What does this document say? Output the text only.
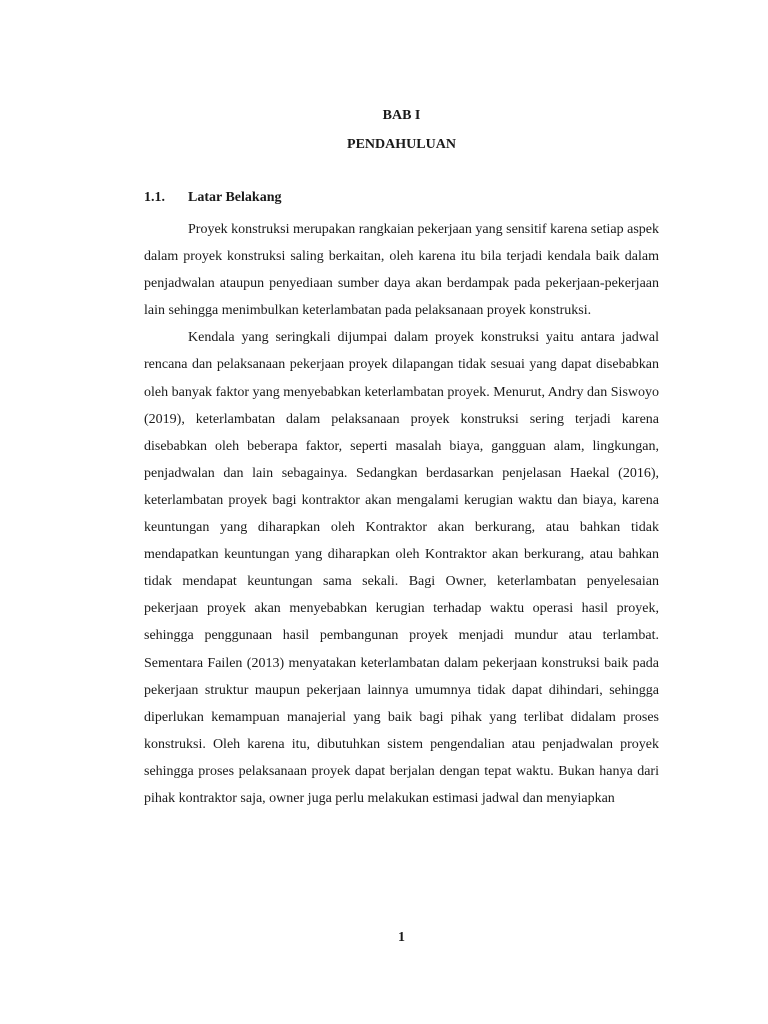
BAB I
PENDAHULUAN
1.1. Latar Belakang

Proyek konstruksi merupakan rangkaian pekerjaan yang sensitif karena setiap aspek dalam proyek konstruksi saling berkaitan, oleh karena itu bila terjadi kendala baik dalam penjadwalan ataupun penyediaan sumber daya akan berdampak pada pekerjaan-pekerjaan lain sehingga menimbulkan keterlambatan pada pelaksanaan proyek konstruksi.

Kendala yang seringkali dijumpai dalam proyek konstruksi yaitu antara jadwal rencana dan pelaksanaan pekerjaan proyek dilapangan tidak sesuai yang dapat disebabkan oleh banyak faktor yang menyebabkan keterlambatan proyek. Menurut, Andry dan Siswoyo (2019), keterlambatan dalam pelaksanaan proyek konstruksi sering terjadi karena disebabkan oleh beberapa faktor, seperti masalah biaya, gangguan alam, lingkungan, penjadwalan dan lain sebagainya. Sedangkan berdasarkan penjelasan Haekal (2016), keterlambatan proyek bagi kontraktor akan mengalami kerugian waktu dan biaya, karena keuntungan yang diharapkan oleh Kontraktor akan berkurang, atau bahkan tidak mendapatkan keuntungan yang diharapkan oleh Kontraktor akan berkurang, atau bahkan tidak mendapat keuntungan sama sekali. Bagi Owner, keterlambatan penyelesaian pekerjaan proyek akan menyebabkan kerugian terhadap waktu operasi hasil proyek, sehingga penggunaan hasil pembangunan proyek menjadi mundur atau terlambat. Sementara Failen (2013) menyatakan keterlambatan dalam pekerjaan konstruksi baik pada pekerjaan struktur maupun pekerjaan lainnya umumnya tidak dapat dihindari, sehingga diperlukan kemampuan manajerial yang baik bagi pihak yang terlibat didalam proses konstruksi. Oleh karena itu, dibutuhkan sistem pengendalian atau penjadwalan proyek sehingga proses pelaksanaan proyek dapat berjalan dengan tepat waktu. Bukan hanya dari pihak kontraktor saja, owner juga perlu melakukan estimasi jadwal dan menyiapkan

1
